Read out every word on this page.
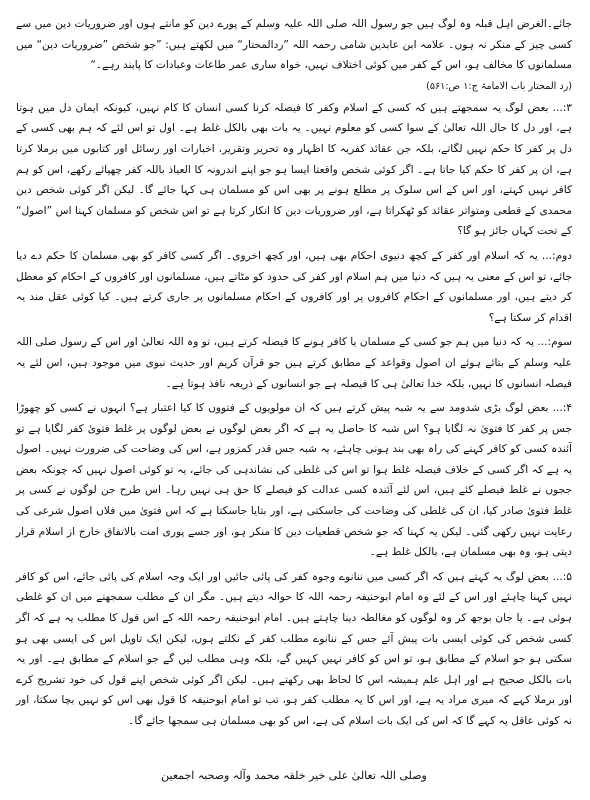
جائے۔الغرض اہل قبلہ وہ لوگ ہیں جو رسول اللہ صلی اللہ علیہ وسلم کے پورے دین کو مانتے ہوں اور ضروریات دین میں سے کسی چیز کے منکر نہ ہوں۔ علامہ ابن عابدین شامی رحمہ اللہ ”ردالمحتار“ میں لکھتے ہیں: ”جو شخص ”ضروریات دین“ میں مسلمانوں کا مخالف ہو، اس کے کفر میں کوئی اختلاف نہیں، خواہ ساری عمر طاعات وعبادات کا پابند رہے۔“

(رد المحتار باب الامامۃ ج:۱ ص:۵۶۱)

۳:... بعض لوگ یہ سمجھتے ہیں کہ کسی کے اسلام وکفر کا فیصلہ کرنا کسی انسان کا کام نہیں، کیونکہ ایمان دل میں ہوتا ہے، اور دل کا حال اللہ تعالیٰ کے سوا کسی کو معلوم نہیں۔ یہ بات بھی بالکل غلط ہے۔ اول تو اس لئے کہ ہم بھی کسی کے دل پر کفر کا حکم نہیں لگاتے، بلکہ جن عقائد کفریہ کا اظہار وہ تحریر وتقریر، اخبارات اور رسائل اور کتابوں میں برملا کرتا ہے، ان پر کفر کا حکم کیا جاتا ہے۔ اگر کوئی شخص واقعتا ایسا ہو جو اپنے اندرونہ کا العیاذ باللہ کفر چھپائے رکھے، اس کو ہم کافر نہیں کہتے، اور اس کے اس سلوک پر مطلع ہونے پر بھی اس کو مسلمان ہی کہا جائے گا۔ لیکن اگر کوئی شخص دین محمدی کے قطعی ومتواتر عقائد کو ٹھکراتا ہے، اور ضروریات دین کا انکار کرتا ہے تو اس شخص کو مسلمان کہنا اس ”اصول“ کے تحت کہاں جائز ہو گا؟

دوم:... یہ کہ اسلام اور کفر کے کچھ دنیوی احکام بھی ہیں، اور کچھ اخروی۔ اگر کسی کافر کو بھی مسلمان کا حکم دے دیا جائے، تو اس کے معنی یہ ہیں کہ دنیا میں ہم اسلام اور کفر کی حدود کو مٹاتے ہیں، مسلمانوں اور کافروں کے احکام کو معطل کر دیتے ہیں، اور مسلمانوں کے احکام کافروں پر اور کافروں کے احکام مسلمانوں پر جاری کرتے ہیں۔ کیا کوئی عقل مند یہ اقدام کر سکتا ہے؟

سوم:... یہ کہ دنیا میں ہم جو کسی کے مسلمان یا کافر ہونے کا فیصلہ کرتے ہیں، تو وہ اللہ تعالیٰ اور اس کے رسول صلی اللہ علیہ وسلم کے بتائے ہوئے ان اصول وقواعد کے مطابق کرتے ہیں جو قرآن کریم اور حدیث نبوی میں موجود ہیں، اس لئے یہ فیصلہ انسانوں کا نہیں، بلکہ خدا تعالیٰ ہی کا فیصلہ ہے جو انسانوں کے ذریعہ نافذ ہوتا ہے۔

۴:... بعض لوگ بڑی شدومد سے یہ شبہ پیش کرتے ہیں کہ ان مولویوں کے فتووں کا کیا اعتبار ہے؟ انہوں نے کسی کو چھوڑا جس پر کفر کا فتویٰ نہ لگایا ہو؟ اس شبہ کا حاصل یہ ہے کہ اگر بعض لوگوں نے بعض لوگوں پر غلط فتویٰ کفر لگایا ہے تو آئندہ کسی کو کافر کہنے کی راہ بھی بند ہونی چاہئے، یہ شبہ جس قدر کمزور ہے، اس کی وضاحت کی ضرورت نہیں۔ اصول یہ ہے کہ اگر کسی کے خلاف فیصلہ غلط ہوا تو اس کی غلطی کی نشاندہی کی جائے، یہ تو کوئی اصول نہیں کہ چونکہ بعض ججوں نے غلط فیصلے کئے ہیں، اس لئے آئندہ کسی عدالت کو فیصلے کا حق ہی نہیں رہا۔ اس طرح جن لوگوں نے کسی پر غلط فتویٰ صادر کیا، ان کی غلطی کی وضاحت کی جاسکتی ہے، اور بتایا جاسکتا ہے کہ اس فتویٰ میں فلاں اصول شرعی کی رعایت نہیں رکھی گئی۔ لیکن یہ کہنا کہ جو شخص قطعیات دین کا منکر ہو، اور جسے پوری امت بالاتفاق خارج از اسلام قرار دیتی ہو، وہ بھی مسلمان ہے، بالکل غلط ہے۔

۵:... بعض لوگ یہ کہتے ہیں کہ اگر کسی میں ننانوے وجوہ کفر کی پائی جائیں اور ایک وجہ اسلام کی پائی جائے، اس کو کافر نہیں کہنا چاہئے اور اس کے لئے وہ امام ابوحنیفہ رحمہ اللہ کا حوالہ دیتے ہیں۔ مگر ان کے مطلب سمجھنے میں ان کو غلطی ہوئی ہے۔ یا جان بوجھ کر وہ لوگوں کو مغالطہ دینا چاہتے ہیں۔ امام ابوحنیفہ رحمہ اللہ کے اس قول کا مطلب یہ ہے کہ اگر کسی شخص کی کوئی ایسی بات پیش آئے جس کے ننانوے مطلب کفر کے نکلتے ہوں، لیکن ایک تاویل اس کی ایسی بھی ہو سکتی ہو جو اسلام کے مطابق ہو، تو اس کو کافر نہیں کہیں گے، بلکہ وہی مطلب لیں گے جو اسلام کے مطابق ہے۔ اور یہ بات بالکل صحیح ہے اور اہل علم ہمیشہ اس کا لحاظ بھی رکھتے ہیں۔ لیکن اگر کوئی شخص اپنے قول کی خود تشریح کرے اور برملا کہے کہ میری مراد یہ ہے، اور اس کا یہ مطلب کفر ہو، تب تو امام ابوحنیفہ کا قول بھی اس کو نہیں بچا سکتا، اور نہ کوئی عاقل یہ کہے گا کہ اس کی ایک بات اسلام کی ہے، اس کو بھی مسلمان ہی سمجھا جائے گا۔

وصلی اللہ تعالیٰ علی خیر خلقہ محمد وآلہ وصحبہ اجمعین
